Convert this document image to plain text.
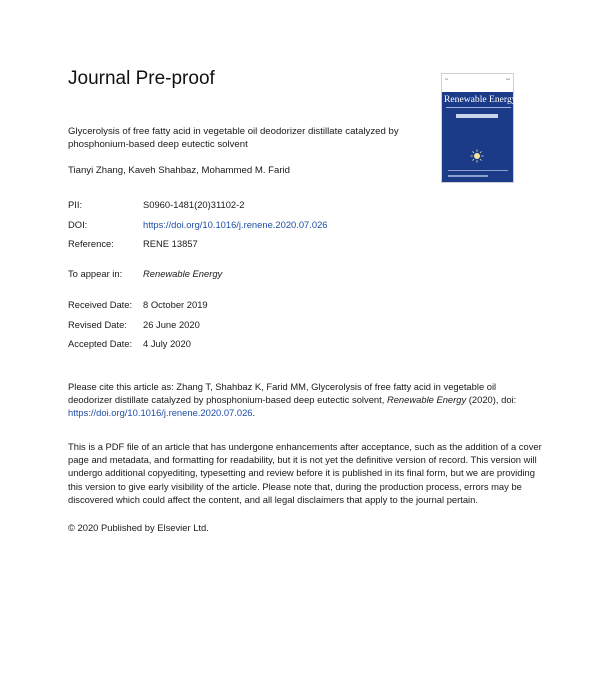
Journal Pre-proof	▪▪▪	▪▪▪▪
Renewable Energy
Glycerolysis of free fatty acid in vegetable oil deodorizer distillate catalyzed by phosphonium-based deep eutectic solvent
Tianyi Zhang, Kaveh Shahbaz, Mohammed M. Farid
PII:	S0960-1481(20)31102-2
DOI:	https://doi.org/10.1016/j.renene.2020.07.026
Reference:	RENE 13857
To appear in:	Renewable Energy
Received Date:	8 October 2019
Revised Date:	26 June 2020
Accepted Date:	4 July 2020
Please cite this article as: Zhang T, Shahbaz K, Farid MM, Glycerolysis of free fatty acid in vegetable oil deodorizer distillate catalyzed by phosphonium-based deep eutectic solvent, Renewable Energy (2020), doi: https://doi.org/10.1016/j.renene.2020.07.026.
This is a PDF file of an article that has undergone enhancements after acceptance, such as the addition of a cover page and metadata, and formatting for readability, but it is not yet the definitive version of record. This version will undergo additional copyediting, typesetting and review before it is published in its final form, but we are providing this version to give early visibility of the article. Please note that, during the production process, errors may be discovered which could affect the content, and all legal disclaimers that apply to the journal pertain.
© 2020 Published by Elsevier Ltd.
